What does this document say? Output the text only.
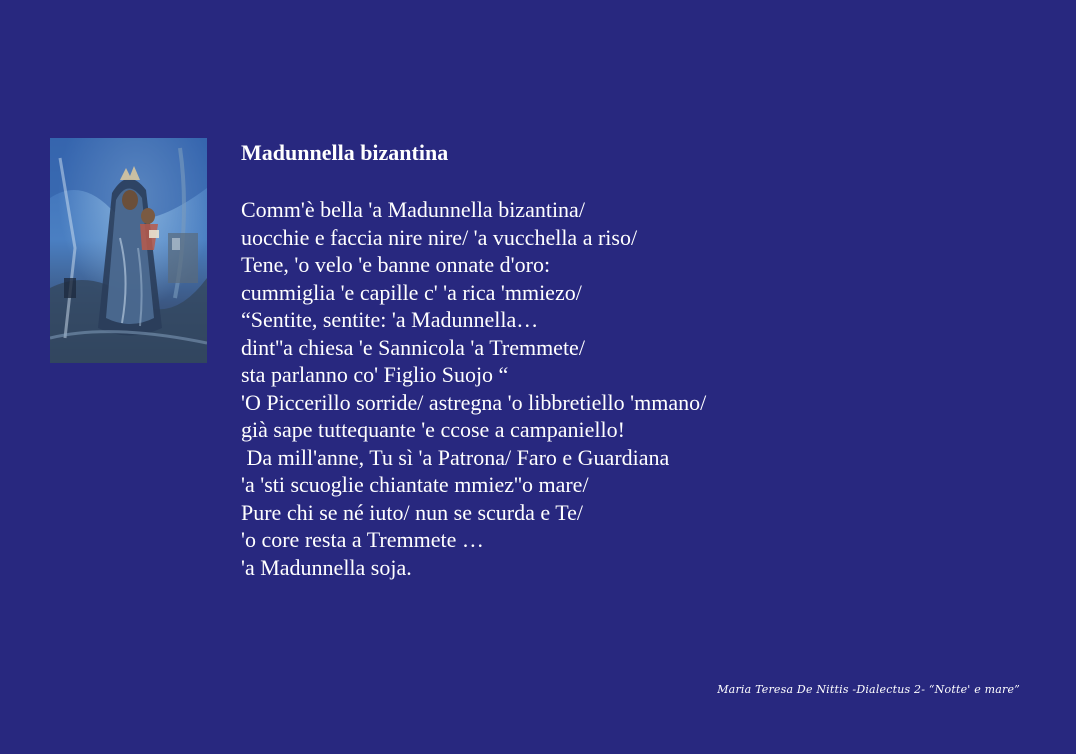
Madunnella bizantina
Comm'è bella 'a Madunnella bizantina/
uocchie e faccia nire nire/ 'a vucchella a riso/
Tene, 'o velo 'e banne onnate d'oro:
cummiglia 'e capille c' 'a rica 'mmiezo/
“Sentite, sentite: 'a Madunnella…
dint''a chiesa 'e Sannicola 'a Tremmete/
sta parlanno co' Figlio Suojo “
'O Piccerillo sorride/ astregna 'o libbretiello 'mmano/
già sape tuttequante 'e ccose a campaniello!
Da mill'anne, Tu sì 'a Patrona/ Faro e Guardiana
'a 'sti scuoglie chiantate mmiez''o mare/
Pure chi se né iuto/ nun se scurda e Te/
'o core resta a Tremmete …
'a Madunnella soja.
Maria Teresa De Nittis -Dialectus 2- “Notte' e mare”
